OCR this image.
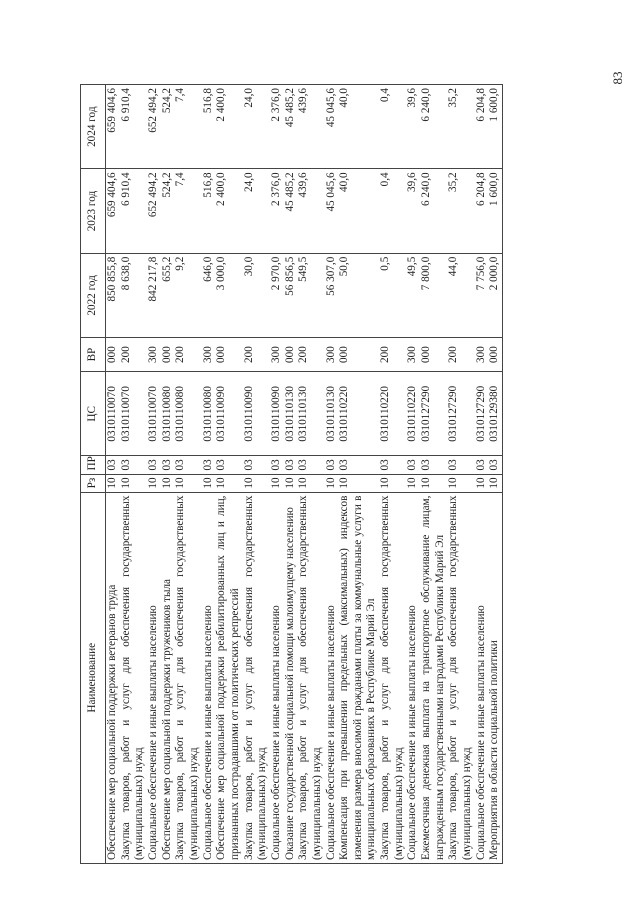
83
Наименование	Рз	ПР	ЦС	ВР	2022 год	2023 год	2024 год
Обеспечение мер социальной поддержки ветеранов труда	10	03	0310110070	000	850 855,8	659 404,6	659 404,6
Закупка товаров, работ и услуг для обеспечения государственных (муниципальных) нужд	10	03	0310110070	200	8 638,0	6 910,4	6 910,4
Социальное обеспечение и иные выплаты населению	10	03	0310110070	300	842 217,8	652 494,2	652 494,2
Обеспечение мер социальной поддержки тружеников тыла	10	03	0310110080	000	655,2	524,2	524,2
Закупка товаров, работ и услуг для обеспечения государственных (муниципальных) нужд	10	03	0310110080	200	9,2	7,4	7,4
Социальное обеспечение и иные выплаты населению	10	03	0310110080	300	646,0	516,8	516,8
Обеспечение мер социальной поддержки реабилитированных лиц и лиц, признанных пострадавшими от политических репрессий	10	03	0310110090	000	3 000,0	2 400,0	2 400,0
Закупка товаров, работ и услуг для обеспечения государственных (муниципальных) нужд	10	03	0310110090	200	30,0	24,0	24,0
Социальное обеспечение и иные выплаты населению	10	03	0310110090	300	2 970,0	2 376,0	2 376,0
Оказание государственной социальной помощи малоимущему населению	10	03	0310110130	000	56 856,5	45 485,2	45 485,2
Закупка товаров, работ и услуг для обеспечения государственных (муниципальных) нужд	10	03	0310110130	200	549,5	439,6	439,6
Социальное обеспечение и иные выплаты населению	10	03	0310110130	300	56 307,0	45 045,6	45 045,6
Компенсация при превышении предельных (максимальных) индексов изменения размера вносимой гражданами платы за коммунальные услуги в муниципальных образованиях в Республике Марий Эл	10	03	0310110220	000	50,0	40,0	40,0
Закупка товаров, работ и услуг для обеспечения государственных (муниципальных) нужд	10	03	0310110220	200	0,5	0,4	0,4
Социальное обеспечение и иные выплаты населению	10	03	0310110220	300	49,5	39,6	39,6
Ежемесячная денежная выплата на транспортное обслуживание лицам, награжденным государственными наградами Республики Марий Эл	10	03	0310127290	000	7 800,0	6 240,0	6 240,0
Закупка товаров, работ и услуг для обеспечения государственных (муниципальных) нужд	10	03	0310127290	200	44,0	35,2	35,2
Социальное обеспечение и иные выплаты населению	10	03	0310127290	300	7 756,0	6 204,8	6 204,8
Мероприятия в области социальной политики	10	03	0310129380	000	2 000,0	1 600,0	1 600,0
